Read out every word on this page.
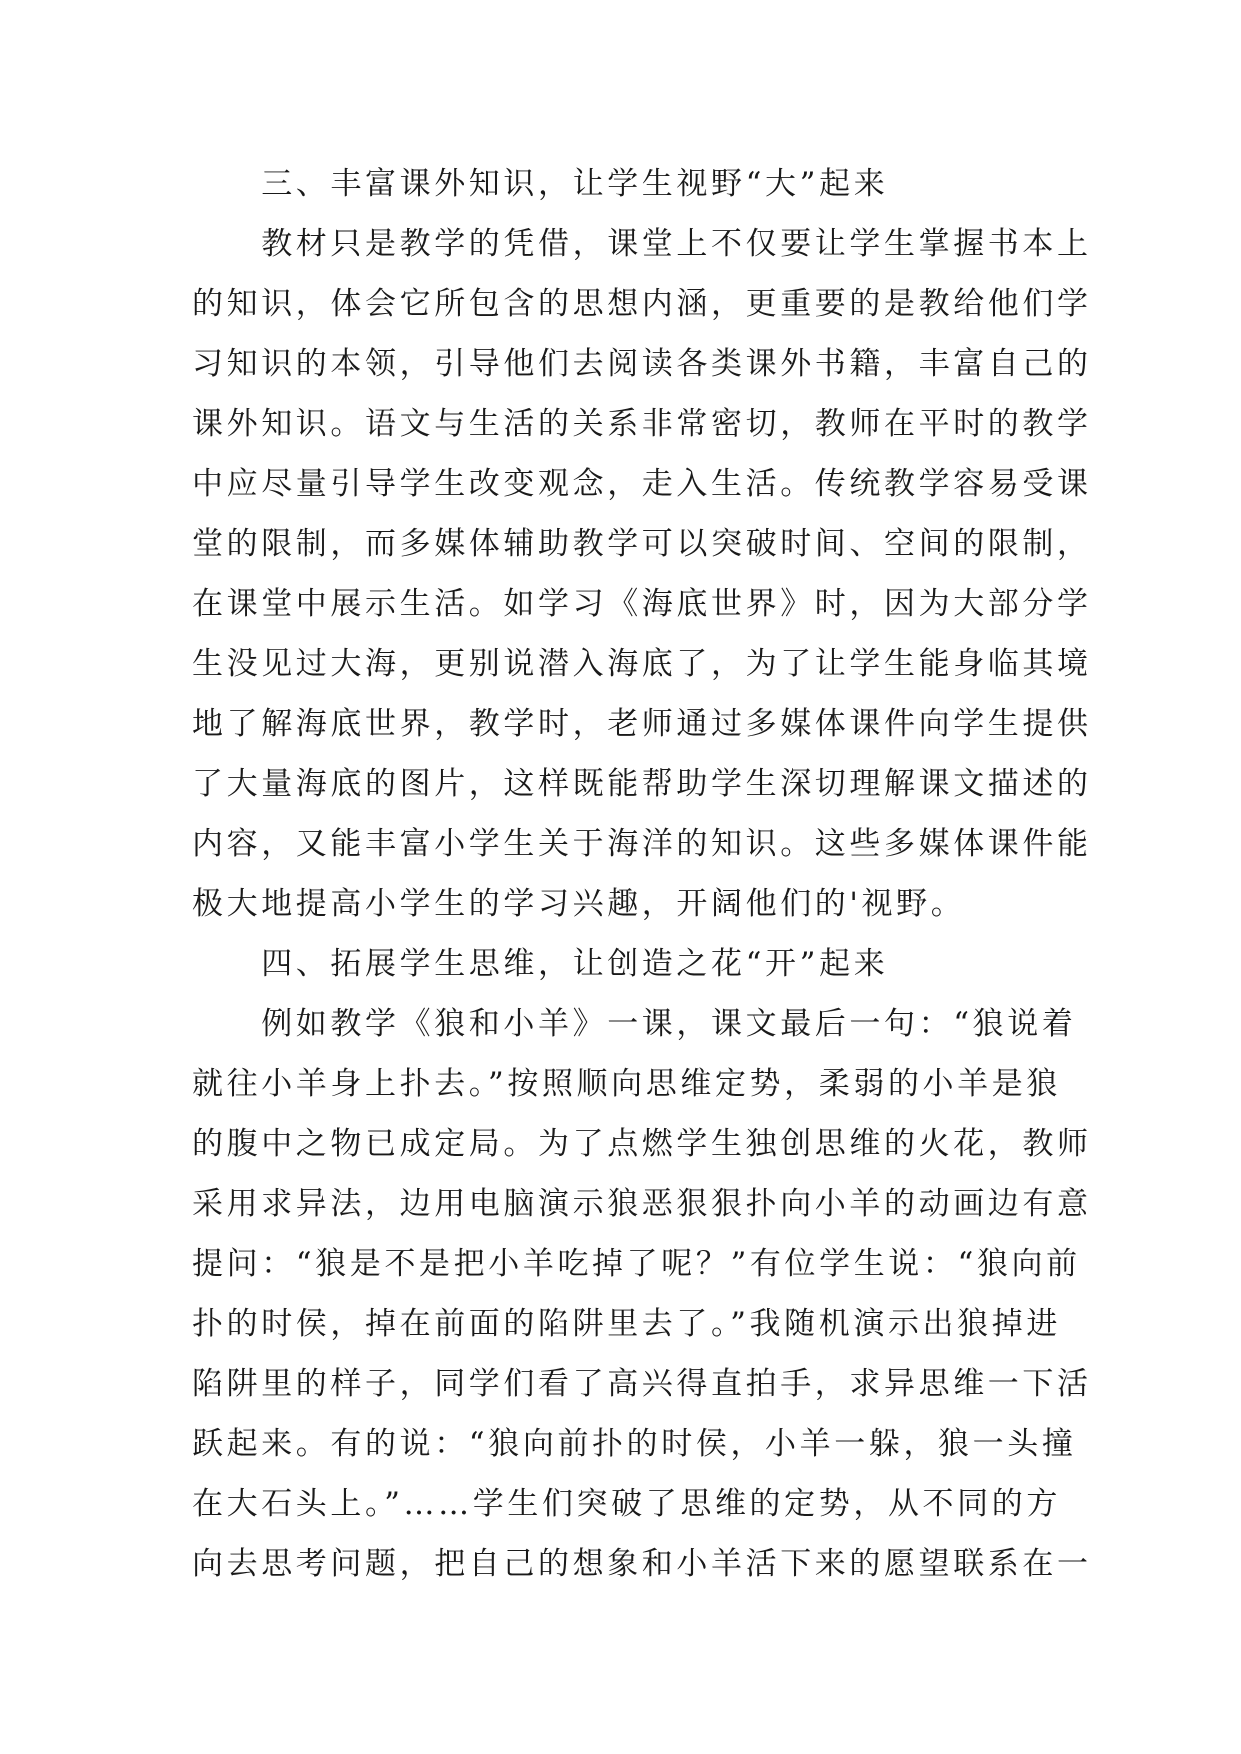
　　三、丰富课外知识，让学生视野“大”起来
　　教材只是教学的凭借，课堂上不仅要让学生掌握书本上
的知识，体会它所包含的思想内涵，更重要的是教给他们学
习知识的本领，引导他们去阅读各类课外书籍，丰富自己的
课外知识。语文与生活的关系非常密切，教师在平时的教学
中应尽量引导学生改变观念，走入生活。传统教学容易受课
堂的限制，而多媒体辅助教学可以突破时间、空间的限制，
在课堂中展示生活。如学习《海底世界》时，因为大部分学
生没见过大海，更别说潜入海底了，为了让学生能身临其境
地了解海底世界，教学时，老师通过多媒体课件向学生提供
了大量海底的图片，这样既能帮助学生深切理解课文描述的
内容，又能丰富小学生关于海洋的知识。这些多媒体课件能
极大地提高小学生的学习兴趣，开阔他们的'视野。
　　四、拓展学生思维，让创造之花“开”起来
　　例如教学《狼和小羊》一课，课文最后一句：“狼说着
就往小羊身上扑去。”按照顺向思维定势，柔弱的小羊是狼
的腹中之物已成定局。为了点燃学生独创思维的火花，教师
采用求异法，边用电脑演示狼恶狠狠扑向小羊的动画边有意
提问：“狼是不是把小羊吃掉了呢？”有位学生说：“狼向前
扑的时侯，掉在前面的陷阱里去了。”我随机演示出狼掉进
陷阱里的样子，同学们看了高兴得直拍手，求异思维一下活
跃起来。有的说：“狼向前扑的时侯，小羊一躲，狼一头撞
在大石头上。”……学生们突破了思维的定势，从不同的方
向去思考问题，把自己的想象和小羊活下来的愿望联系在一
